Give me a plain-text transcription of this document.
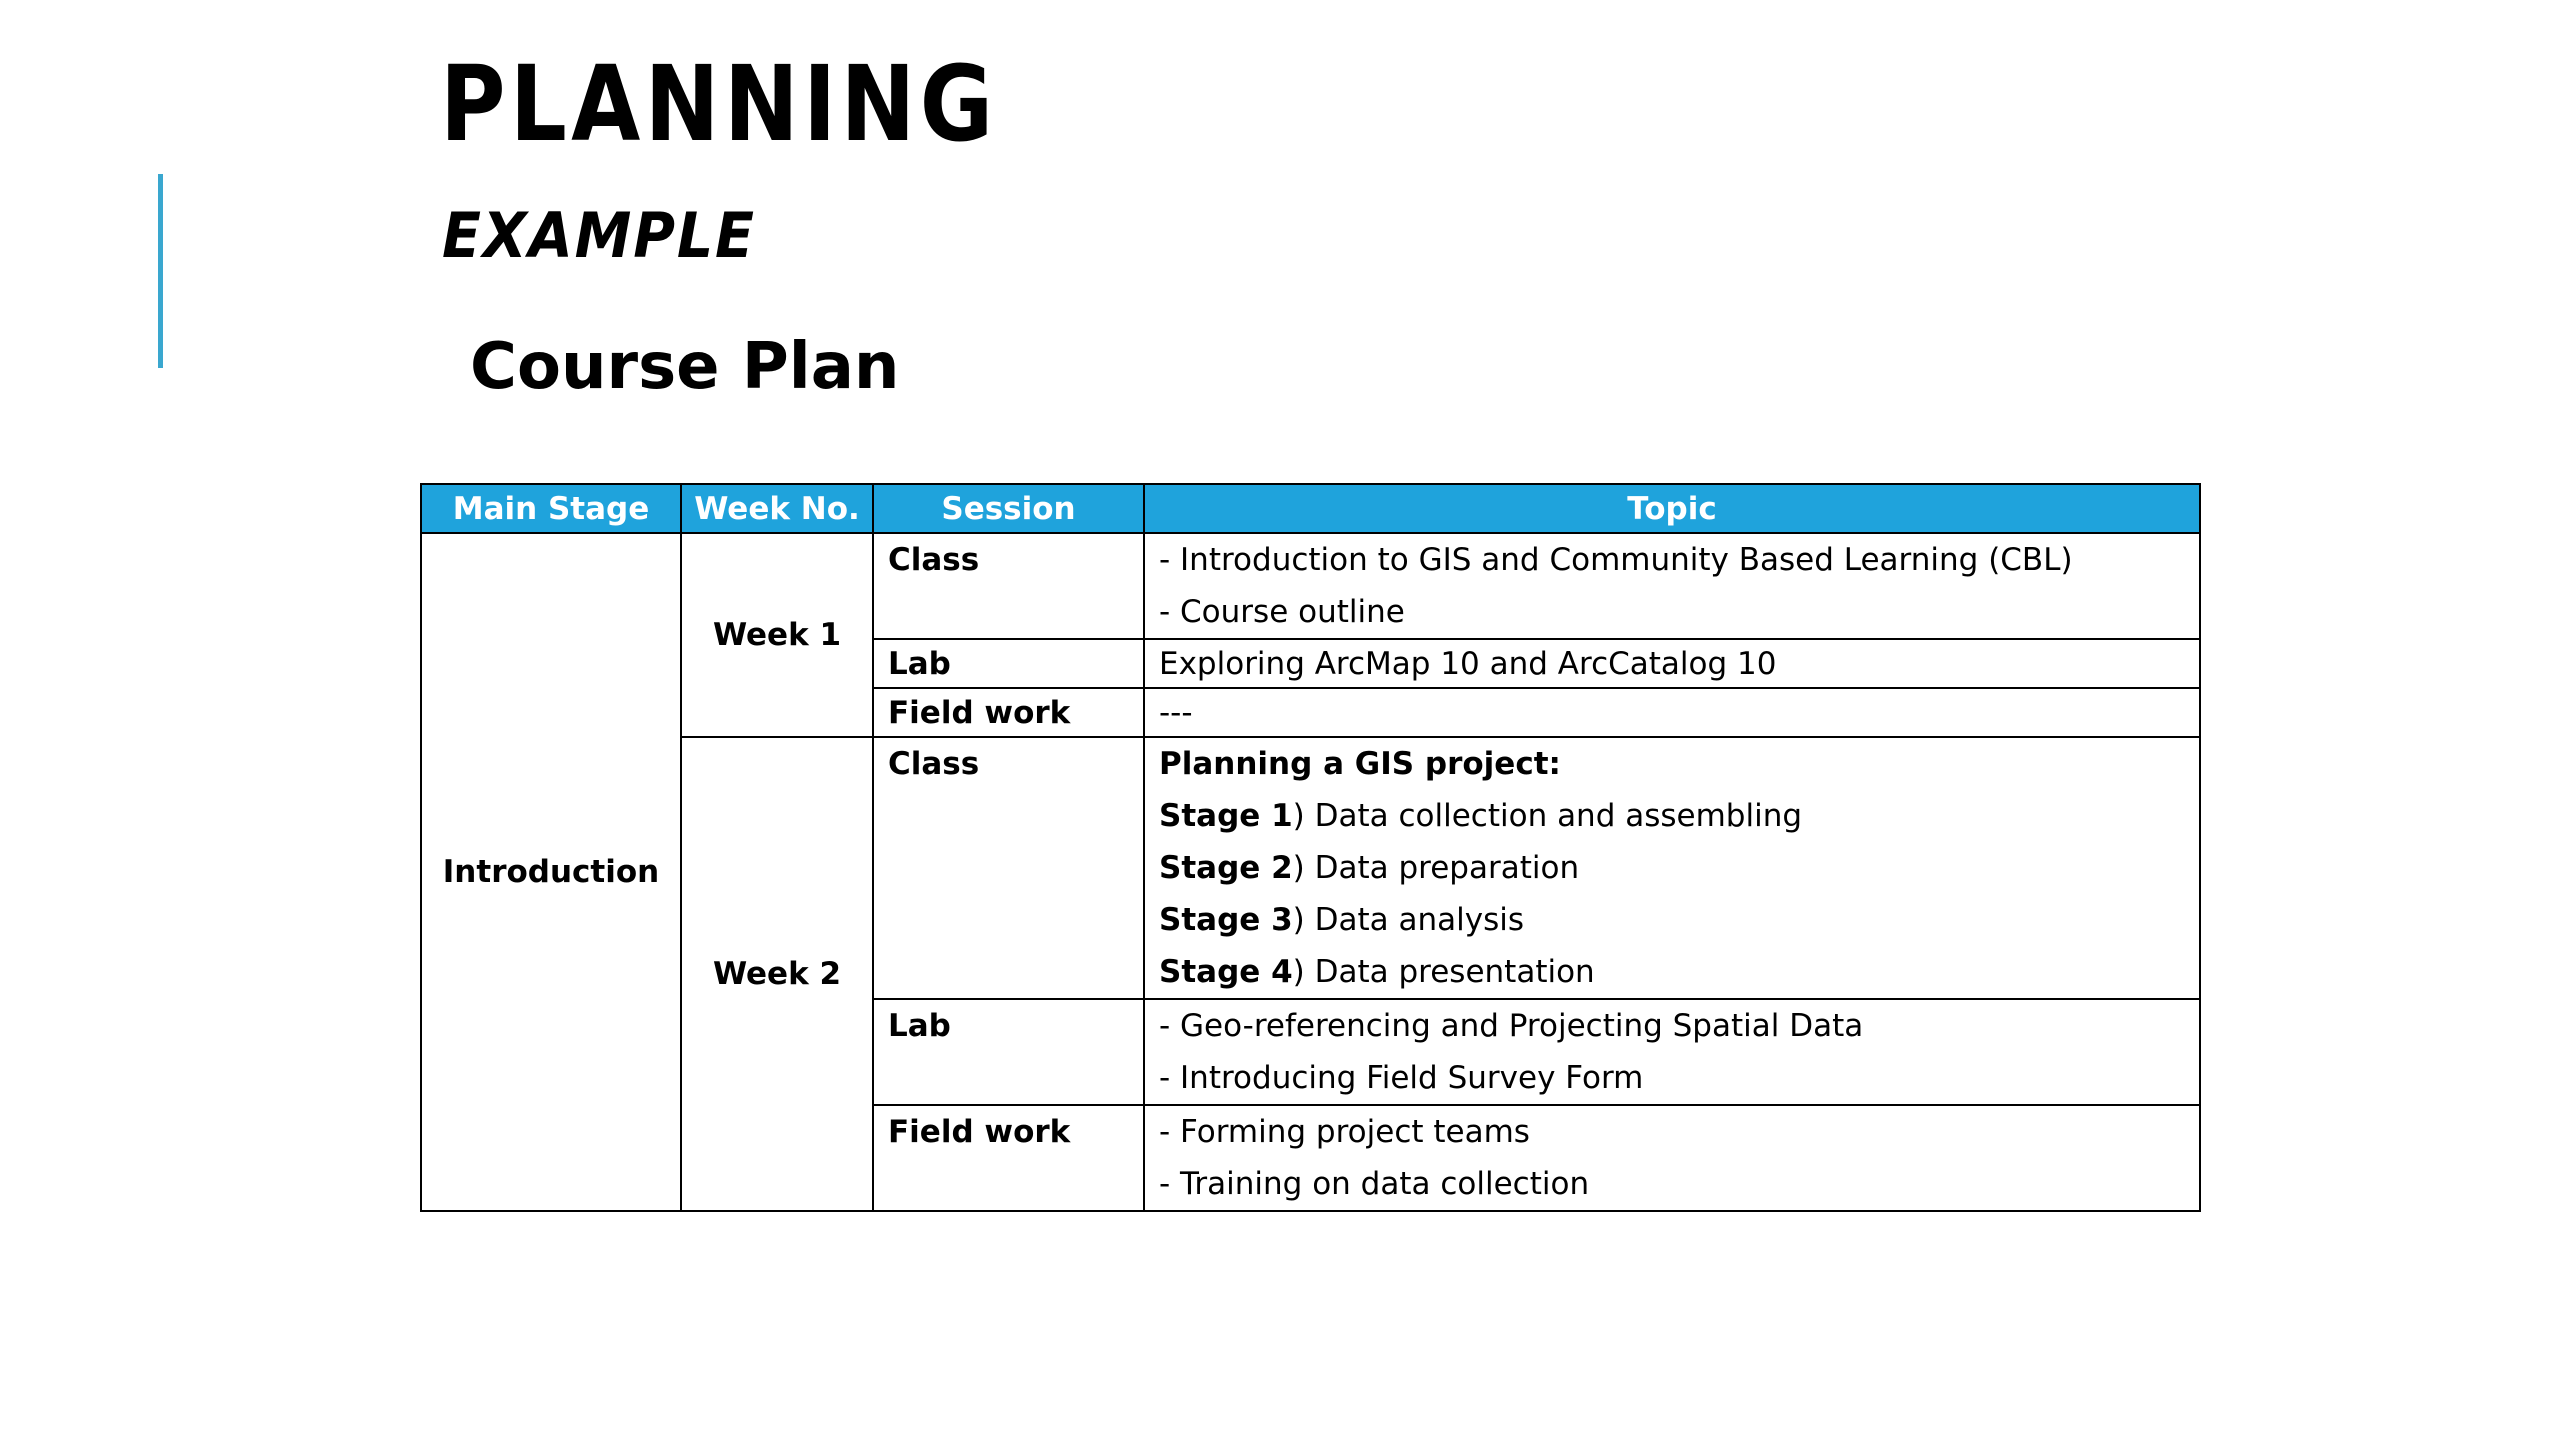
PLANNING
EXAMPLE
Course Plan
Main Stage	Week No.	Session	Topic
Introduction	Week 1	Class	- Introduction to GIS and Community Based Learning (CBL)
- Course outline

		Lab	Exploring ArcMap 10 and ArcCatalog 10

		Field work	---

	Week 2	Class	Planning a GIS project:
Stage 1) Data collection and assembling
Stage 2) Data preparation
Stage 3) Data analysis
Stage 4) Data presentation

		Lab	- Geo-referencing and Projecting Spatial Data
- Introducing Field Survey Form

		Field work	- Forming project teams
- Training on data collection
